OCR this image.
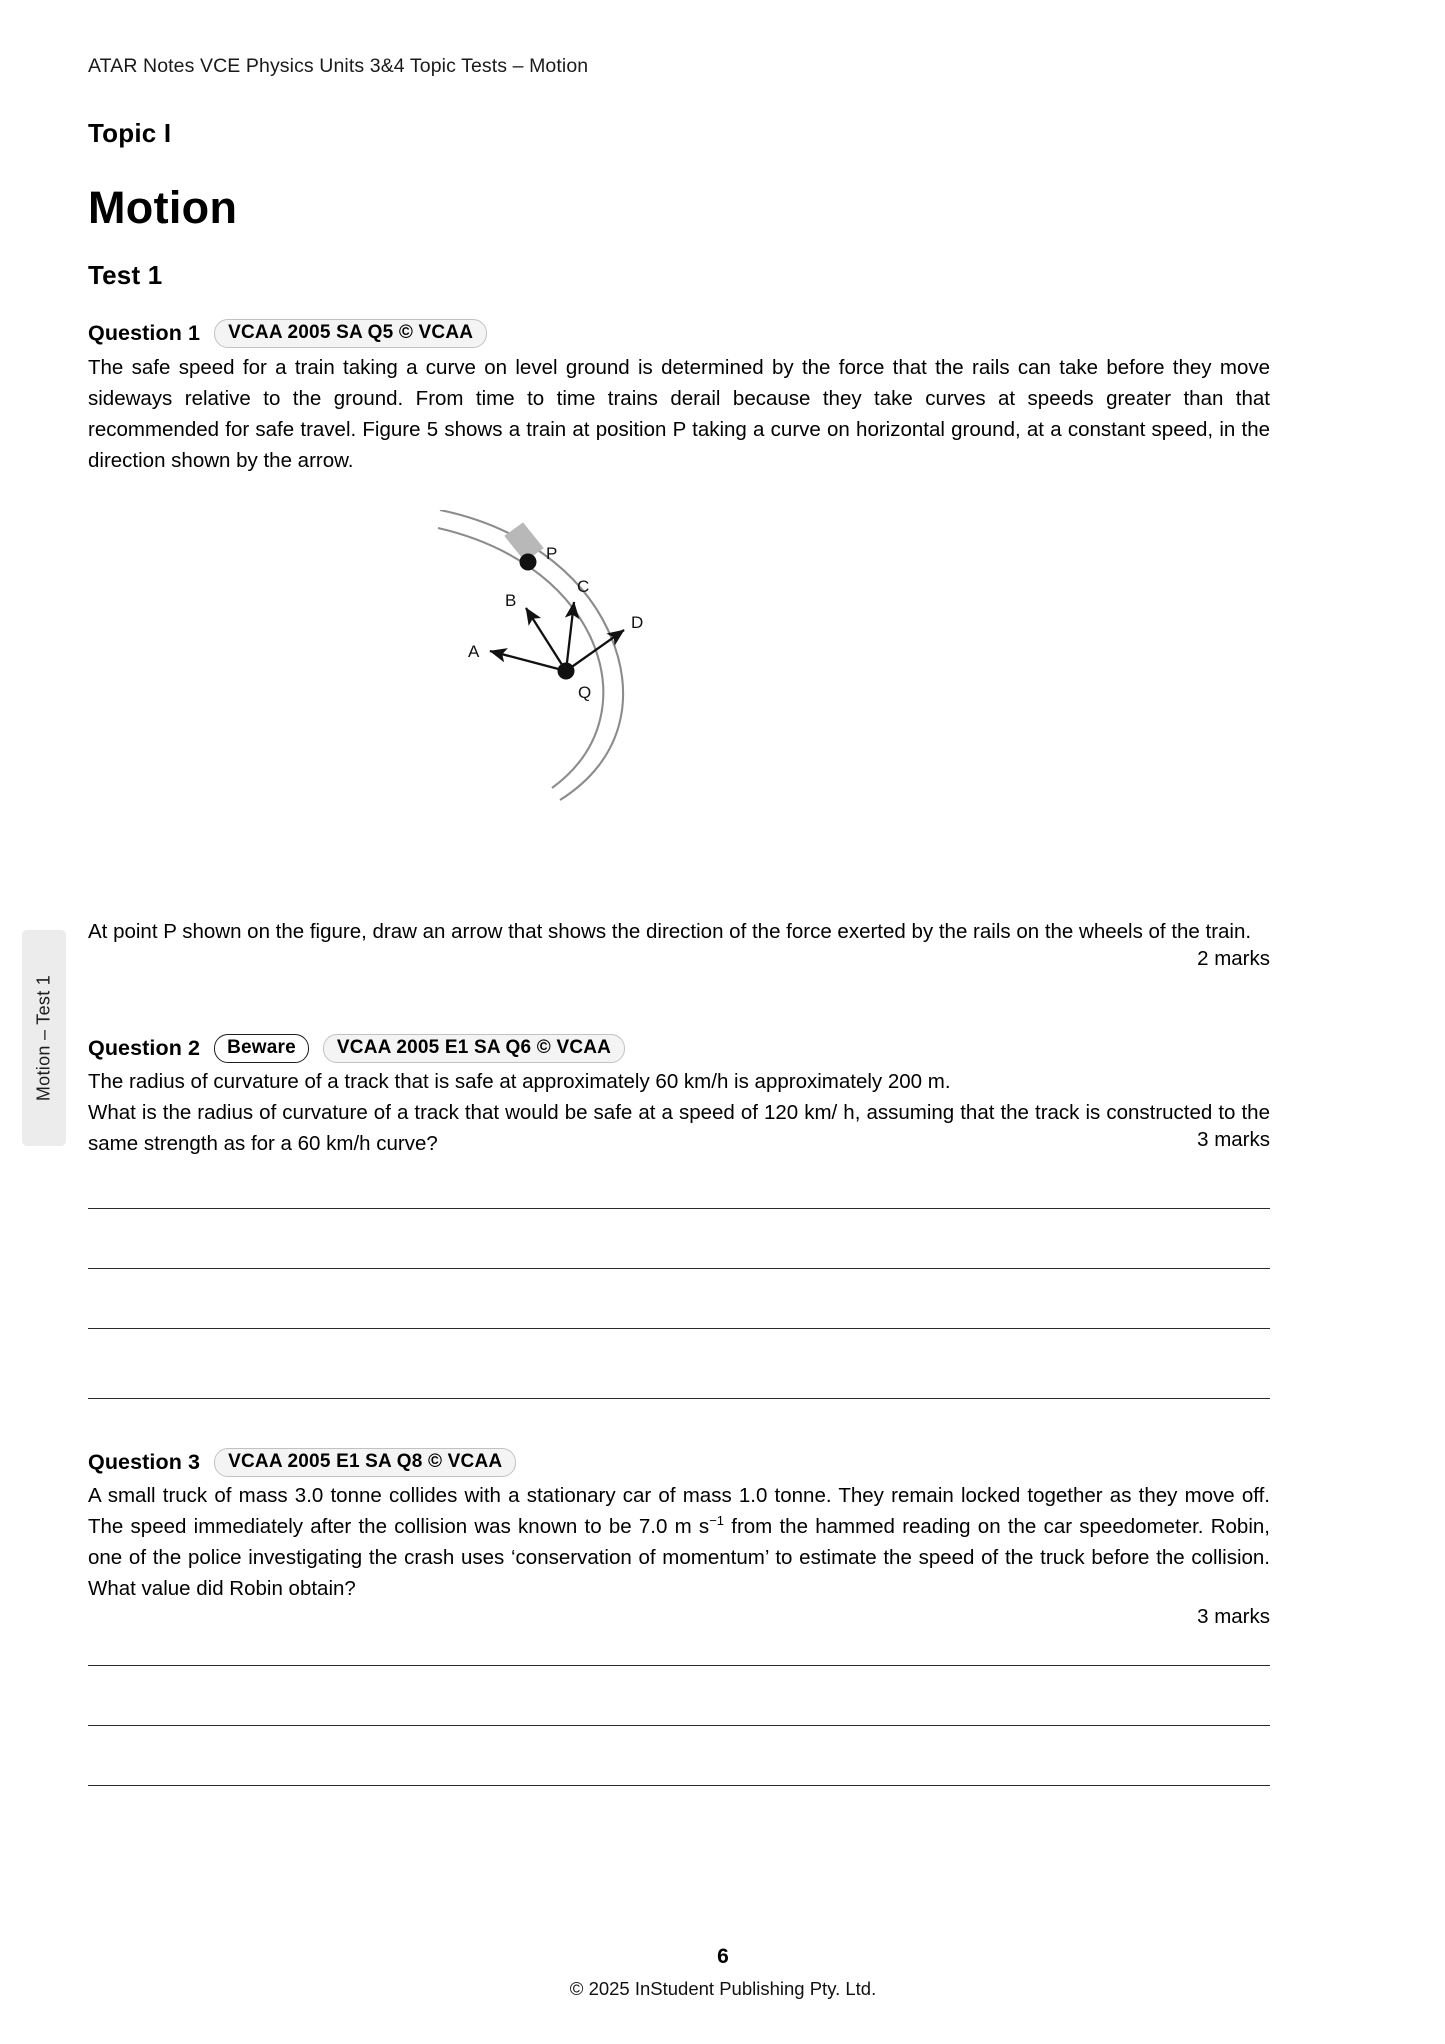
Motion – Test 1
ATAR Notes VCE Physics Units 3&4 Topic Tests – Motion
Topic I
Motion
Test 1
Question 1	VCAA 2005 SA Q5 © VCAA
The safe speed for a train taking a curve on level ground is determined by the force that the rails can take before they move sideways relative to the ground. From time to time trains derail because they take curves at speeds greater than that recommended for safe travel. Figure 5 shows a train at position P taking a curve on horizontal ground, at a constant speed, in the direction shown by the arrow.
P
Q
A
B
C
D
At point P shown on the figure, draw an arrow that shows the direction of the force exerted by the rails on the wheels of the train.
2 marks
Question 2	Beware	VCAA 2005 E1 SA Q6 © VCAA
The radius of curvature of a track that is safe at approximately 60 km/h is approximately 200 m.
What is the radius of curvature of a track that would be safe at a speed of 120 km/ h, assuming that the track is constructed to the same strength as for a 60 km/h curve?	3 marks
Question 3	VCAA 2005 E1 SA Q8 © VCAA
A small truck of mass 3.0 tonne collides with a stationary car of mass 1.0 tonne. They remain locked together as they move off. The speed immediately after the collision was known to be 7.0 m $s^{-1}$ from the hammed reading on the car speedometer. Robin, one of the police investigating the crash uses ‘conservation of momentum’ to estimate the speed of the truck before the collision. What value did Robin obtain?
3 marks
6
© 2025 InStudent Publishing Pty. Ltd.
